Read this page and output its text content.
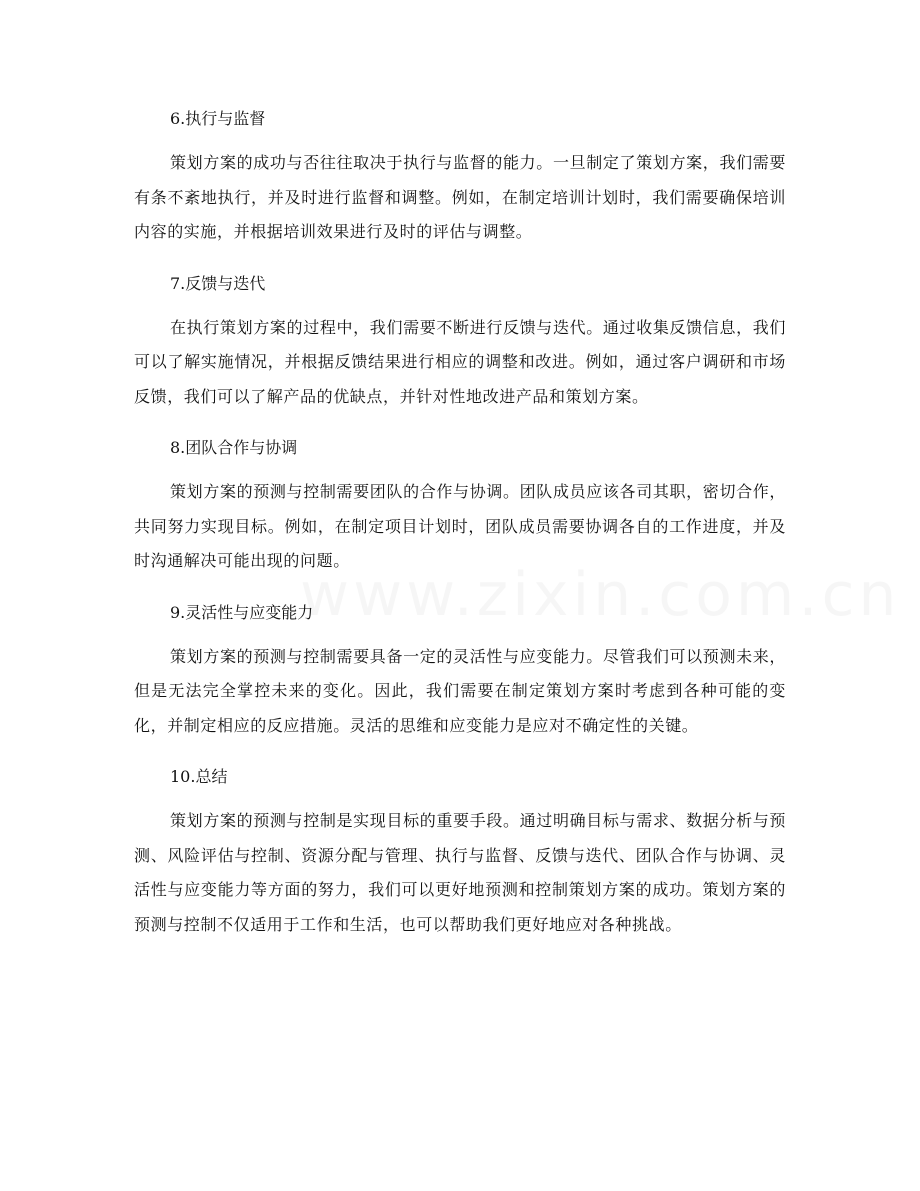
6.执行与监督

策划方案的成功与否往往取决于执行与监督的能力。一旦制定了策划方案，我们需要有条不紊地执行，并及时进行监督和调整。例如，在制定培训计划时，我们需要确保培训内容的实施，并根据培训效果进行及时的评估与调整。

7.反馈与迭代

在执行策划方案的过程中，我们需要不断进行反馈与迭代。通过收集反馈信息，我们可以了解实施情况，并根据反馈结果进行相应的调整和改进。例如，通过客户调研和市场反馈，我们可以了解产品的优缺点，并针对性地改进产品和策划方案。

8.团队合作与协调

策划方案的预测与控制需要团队的合作与协调。团队成员应该各司其职，密切合作，共同努力实现目标。例如，在制定项目计划时，团队成员需要协调各自的工作进度，并及时沟通解决可能出现的问题。

9.灵活性与应变能力

策划方案的预测与控制需要具备一定的灵活性与应变能力。尽管我们可以预测未来，但是无法完全掌控未来的变化。因此，我们需要在制定策划方案时考虑到各种可能的变化，并制定相应的反应措施。灵活的思维和应变能力是应对不确定性的关键。

10.总结

策划方案的预测与控制是实现目标的重要手段。通过明确目标与需求、数据分析与预测、风险评估与控制、资源分配与管理、执行与监督、反馈与迭代、团队合作与协调、灵活性与应变能力等方面的努力，我们可以更好地预测和控制策划方案的成功。策划方案的预测与控制不仅适用于工作和生活，也可以帮助我们更好地应对各种挑战。
